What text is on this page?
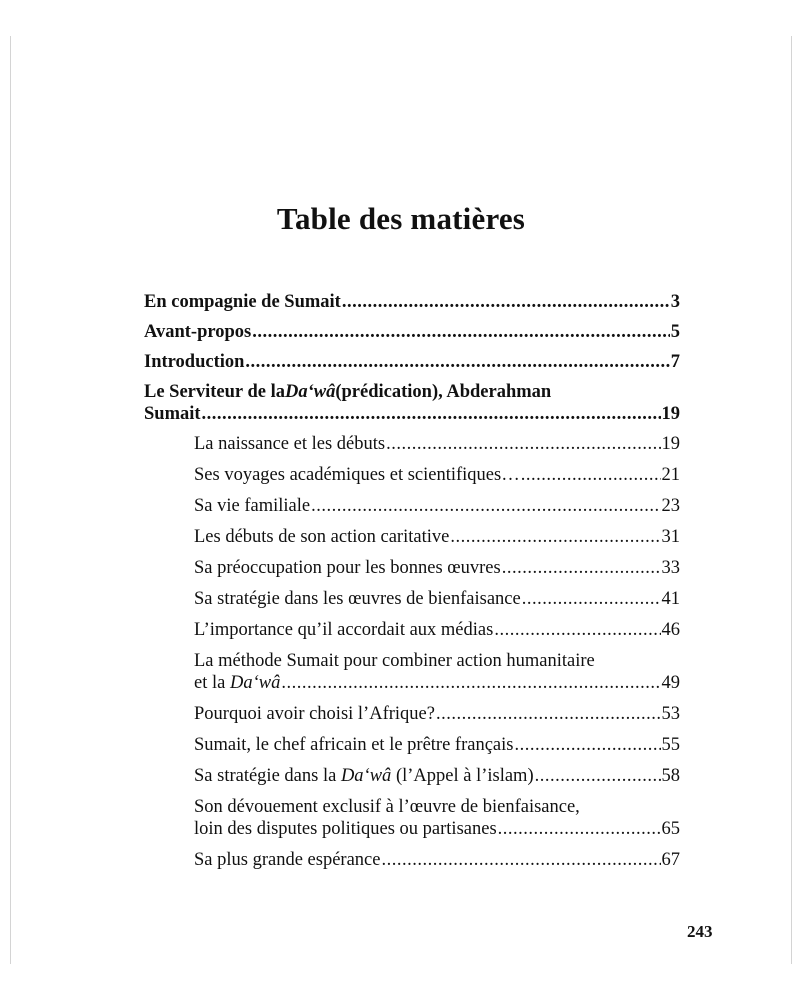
Table des matières
En compagnie de Sumait .....	3
Avant-propos .....	5
Introduction .....	7
Le Serviteur de la Da‘wâ (prédication), Abderahman
Sumait .....	19
La naissance et les débuts .....	19
Ses voyages académiques et scientifiques… .....	21
Sa vie familiale .....	23
Les débuts de son action caritative .....	31
Sa préoccupation pour les bonnes œuvres .....	33
Sa stratégie dans les œuvres de bienfaisance .....	41
L’importance qu’il accordait aux médias .....	46
La méthode Sumait pour combiner action humanitaire
et la Da‘wâ .....	49
Pourquoi avoir choisi l’Afrique? .....	53
Sumait, le chef africain et le prêtre français .....	55
Sa stratégie dans la Da‘wâ (l’Appel à l’islam) .....	58
Son dévouement exclusif à l’œuvre de bienfaisance,
loin des disputes politiques ou partisanes .....	65
Sa plus grande espérance .....	67
243
